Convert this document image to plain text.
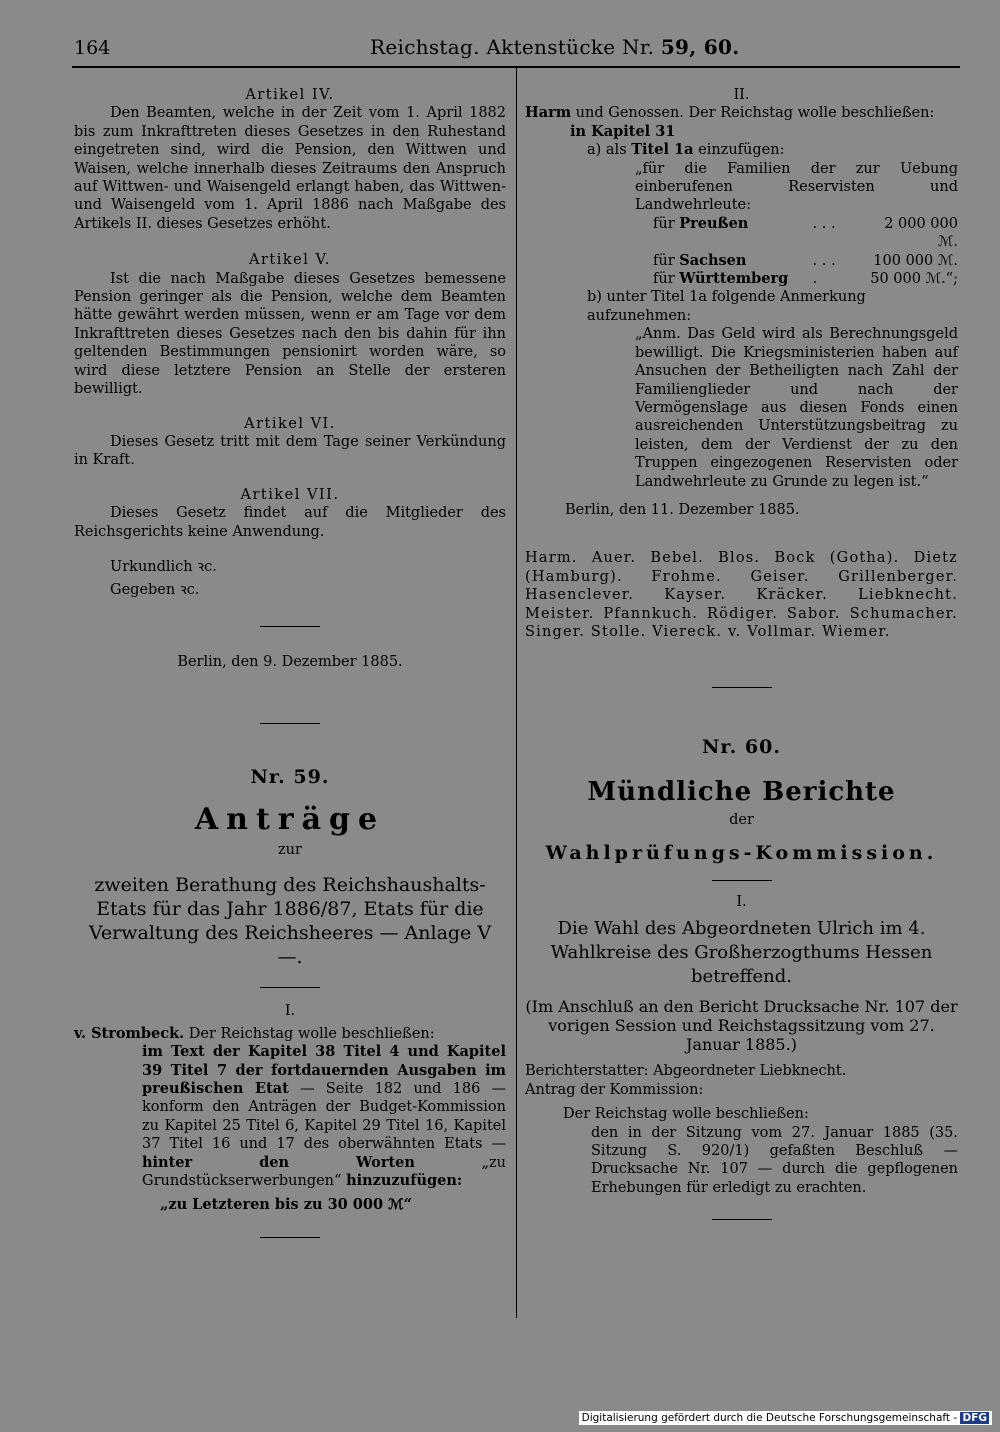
164	Reichstag. Aktenstücke Nr. 59, 60.
Artikel IV.
Den Beamten, welche in der Zeit vom 1. April 1882 bis zum Inkrafttreten dieses Gesetzes in den Ruhestand eingetreten sind, wird die Pension, den Wittwen und Waisen, welche innerhalb dieses Zeitraums den Anspruch auf Wittwen- und Waisengeld erlangt haben, das Wittwen- und Waisengeld vom 1. April 1886 nach Maßgabe des Artikels II. dieses Gesetzes erhöht.
Artikel V.
Ist die nach Maßgabe dieses Gesetzes bemessene Pension geringer als die Pension, welche dem Beamten hätte gewährt werden müssen, wenn er am Tage vor dem Inkrafttreten dieses Gesetzes nach den bis dahin für ihn geltenden Bestimmungen pensionirt worden wäre, so wird diese letztere Pension an Stelle der ersteren bewilligt.
Artikel VI.
Dieses Gesetz tritt mit dem Tage seiner Verkündung in Kraft.
Artikel VII.
Dieses Gesetz findet auf die Mitglieder des Reichsgerichts keine Anwendung.
Urkundlich ꝛc.
Gegeben ꝛc.
Berlin, den 9. Dezember 1885.
Nr. 59.
Anträge
zur
zweiten Berathung des Reichshaushalts-Etats für das Jahr 1886/87, Etats für die Verwaltung des Reichsheeres — Anlage V —.
I.
v. Strombeck. Der Reichstag wolle beschließen:
im Text der Kapitel 38 Titel 4 und Kapitel 39 Titel 7 der fortdauernden Ausgaben im preußischen Etat — Seite 182 und 186 — konform den Anträgen der Budget-Kommission zu Kapitel 25 Titel 6, Kapitel 29 Titel 16, Kapitel 37 Titel 16 und 17 des oberwähnten Etats — hinter den Worten „zu Grundstückserwerbungen“ hinzuzufügen:
„zu Letzteren bis zu 30 000 ℳ“
II.
Harm und Genossen. Der Reichstag wolle beschließen:
in Kapitel 31
a) als Titel 1a einzufügen:
„für die Familien der zur Uebung einberufenen Reservisten und Landwehrleute:
für Preußen	. . .	2 000 000 ℳ.
für Sachsen	. . .	100 000 ℳ.
für Württemberg	.	50 000 ℳ.“;
b) unter Titel 1a folgende Anmerkung aufzunehmen:
„Anm. Das Geld wird als Berechnungsgeld bewilligt. Die Kriegsministerien haben auf Ansuchen der Betheiligten nach Zahl der Familienglieder und nach der Vermögenslage aus diesen Fonds einen ausreichenden Unterstützungsbeitrag zu leisten, dem der Verdienst der zu den Truppen eingezogenen Reservisten oder Landwehrleute zu Grunde zu legen ist.“
Berlin, den 11. Dezember 1885.
Harm. Auer. Bebel. Blos. Bock (Gotha). Dietz (Hamburg). Frohme. Geiser. Grillenberger. Hasenclever. Kayser. Kräcker. Liebknecht. Meister. Pfannkuch. Rödiger. Sabor. Schumacher. Singer. Stolle. Viereck. v. Vollmar. Wiemer.
Nr. 60.
Mündliche Berichte
der
Wahlprüfungs-Kommission.
I.
Die Wahl des Abgeordneten Ulrich im 4. Wahlkreise des Großherzogthums Hessen betreffend.
(Im Anschluß an den Bericht Drucksache Nr. 107 der vorigen Session und Reichstagssitzung vom 27. Januar 1885.)
Berichterstatter: Abgeordneter Liebknecht.
Antrag der Kommission:
Der Reichstag wolle beschließen:
den in der Sitzung vom 27. Januar 1885 (35. Sitzung S. 920/1) gefaßten Beschluß — Drucksache Nr. 107 — durch die gepflogenen Erhebungen für erledigt zu erachten.
Digitalisierung gefördert durch die Deutsche Forschungsgemeinschaft - DFG
